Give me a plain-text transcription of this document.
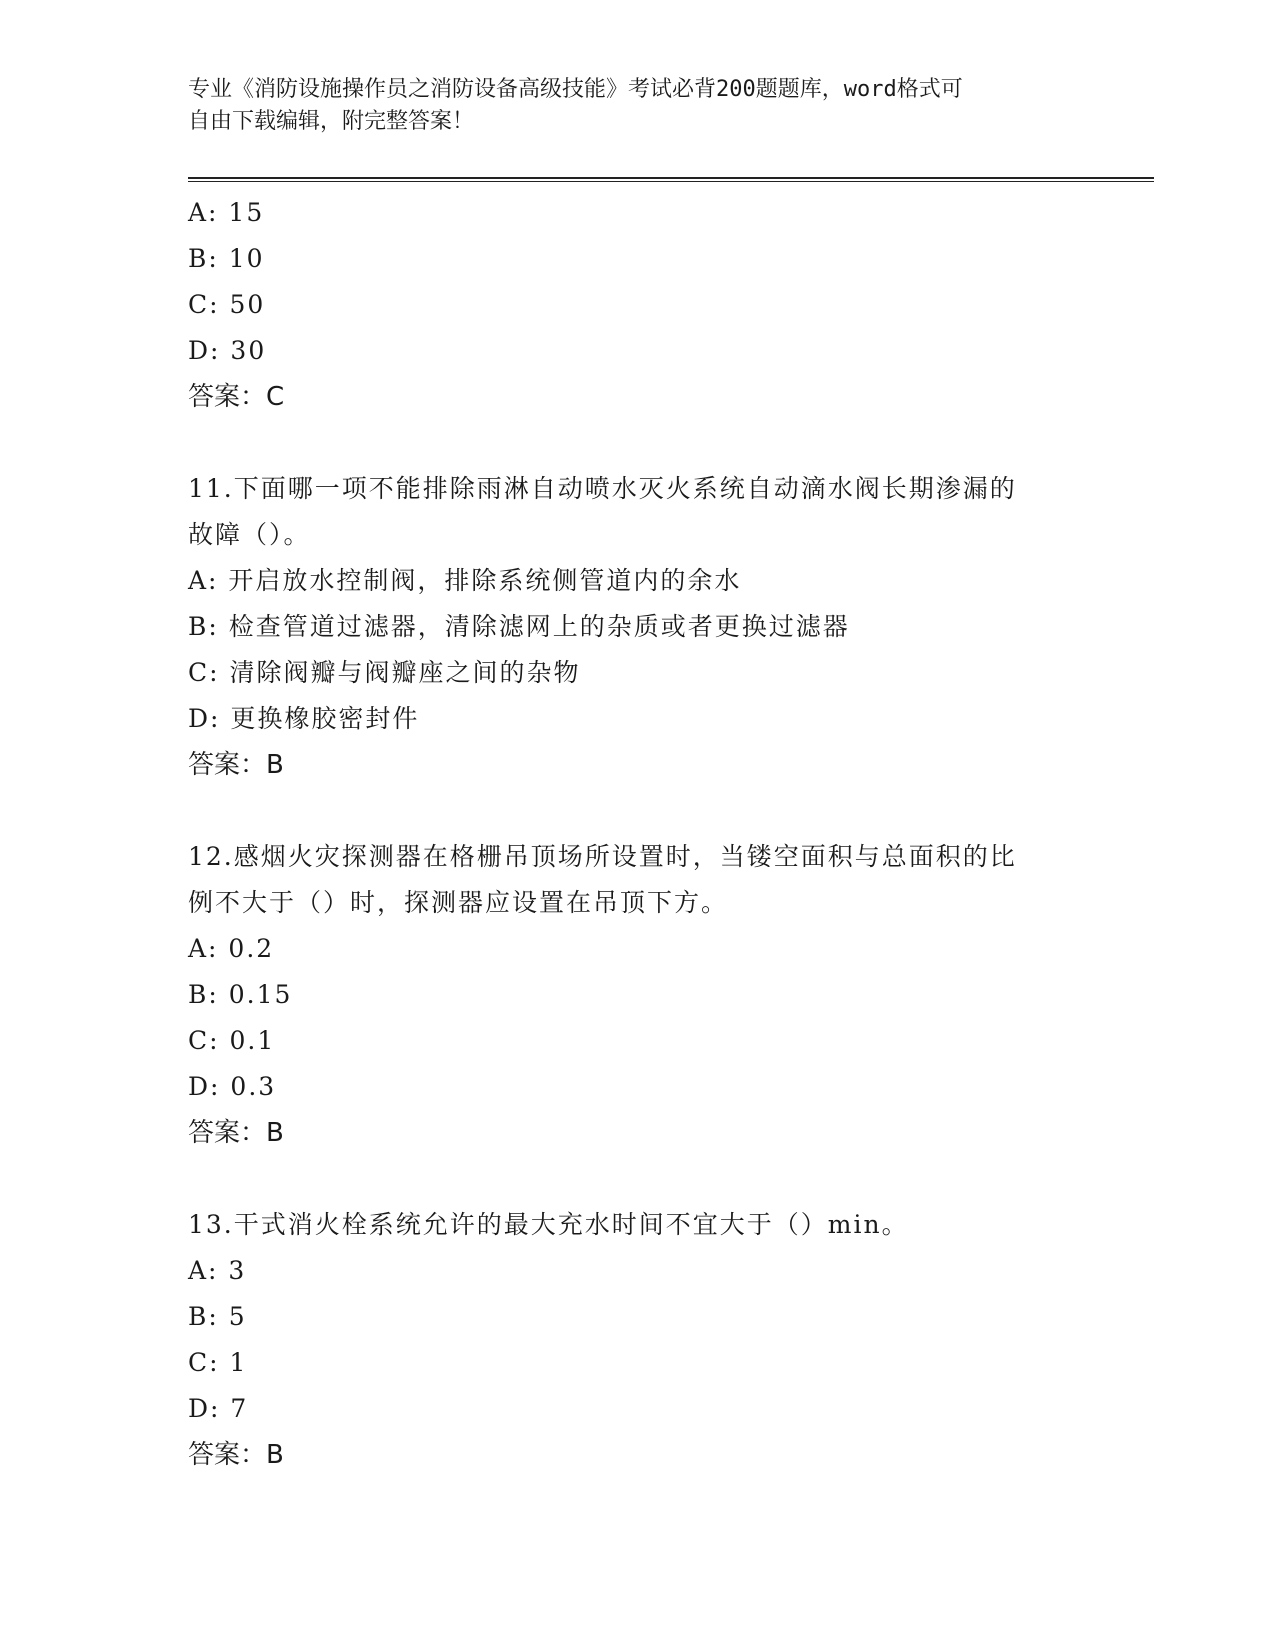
专业《消防设施操作员之消防设备高级技能》考试必背200题题库，word格式可
自由下载编辑，附完整答案！
A: 15
B: 10
C: 50
D: 30
答案：C
11.下面哪一项不能排除雨淋自动喷水灭火系统自动滴水阀长期渗漏的
故障（）。
A: 开启放水控制阀，排除系统侧管道内的余水
B: 检查管道过滤器，清除滤网上的杂质或者更换过滤器
C: 清除阀瓣与阀瓣座之间的杂物
D: 更换橡胶密封件
答案：B
12.感烟火灾探测器在格栅吊顶场所设置时，当镂空面积与总面积的比
例不大于（）时，探测器应设置在吊顶下方。
A: 0.2
B: 0.15
C: 0.1
D: 0.3
答案：B
13.干式消火栓系统允许的最大充水时间不宜大于（）min。
A: 3
B: 5
C: 1
D: 7
答案：B
